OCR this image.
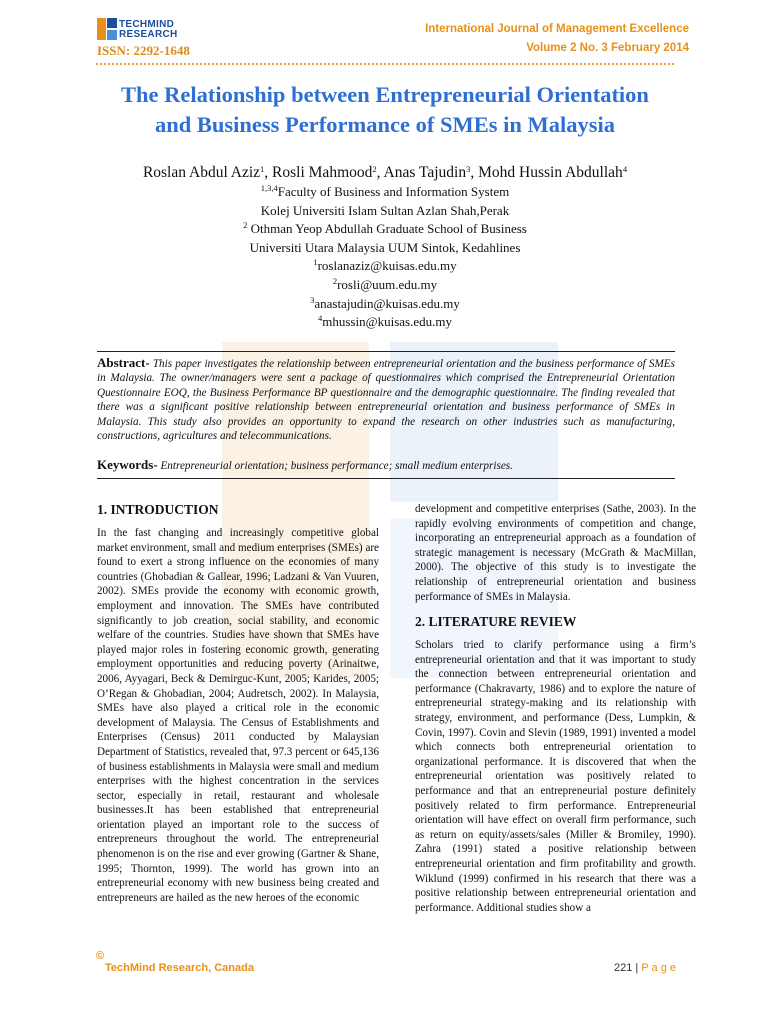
TECHMIND
RESEARCH
ISSN: 2292-1648
International Journal of Management Excellence
Volume 2 No. 3 February 2014
The Relationship between Entrepreneurial Orientation
and Business Performance of SMEs in Malaysia
Roslan Abdul Aziz$^1$, Rosli Mahmood$^2$, Anas Tajudin$^3$, Mohd Hussin Abdullah$^4$
$^{1,3,4}$Faculty of Business and Information System
Kolej Universiti Islam Sultan Azlan Shah,Perak
$^2$ Othman Yeop Abdullah Graduate School of Business
Universiti Utara Malaysia UUM Sintok, Kedahlines
$^1$roslanaziz@kuisas.edu.my
$^2$rosli@uum.edu.my
$^3$anastajudin@kuisas.edu.my
$^4$mhussin@kuisas.edu.my
Abstract- This paper investigates the relationship between entrepreneurial orientation and the business performance of SMEs in Malaysia. The owner/managers were sent a package of questionnaires which comprised the Entrepreneurial Orientation Questionnaire EOQ, the Business Performance BP questionnaire and the demographic questionnaire. The finding revealed that there was a significant positive relationship between entrepreneurial orientation and business performance of SMEs in Malaysia. This study also provides an opportunity to expand the research on other industries such as manufacturing, constructions, agricultures and telecommunications.
Keywords- Entrepreneurial orientation; business performance; small medium enterprises.
1. INTRODUCTION

In the fast changing and increasingly competitive global market environment, small and medium enterprises (SMEs) are found to exert a strong influence on the economies of many countries (Ghobadian & Gallear, 1996; Ladzani & Van Vuuren, 2002). SMEs provide the economy with economic growth, employment and innovation. The SMEs have contributed significantly to job creation, social stability, and economic welfare of the countries. Studies have shown that SMEs have played major roles in fostering economic growth, generating employment opportunities and reducing poverty (Arinaitwe, 2006, Ayyagari, Beck & Demirguc-Kunt, 2005; Karides, 2005; O’Regan & Ghobadian, 2004; Audretsch, 2002). In Malaysia, SMEs have also played a critical role in the economic development of Malaysia. The Census of Establishments and Enterprises (Census) 2011 conducted by Malaysian Department of Statistics, revealed that, 97.3 percent or 645,136 of business establishments in Malaysia were small and medium enterprises with the highest concentration in the services sector, especially in retail, restaurant and wholesale businesses.It has been established that entrepreneurial orientation played an important role to the success of entrepreneurs throughout the world. The entrepreneurial phenomenon is on the rise and ever growing (Gartner & Shane, 1995; Thornton, 1999). The world has grown into an entrepreneurial economy with new business being created and entrepreneurs are hailed as the new heroes of the economic

development and competitive enterprises (Sathe, 2003). In the rapidly evolving environments of competition and change, incorporating an entrepreneurial approach as a foundation of strategic management is necessary (McGrath & MacMillan, 2000). The objective of this study is to investigate the relationship of entrepreneurial orientation and business performance of SMEs in Malaysia.

2. LITERATURE REVIEW

Scholars tried to clarify performance using a firm’s entrepreneurial orientation and that it was important to study the connection between entrepreneurial orientation and performance (Chakravarty, 1986) and to explore the nature of entrepreneurial strategy-making and its relationship with strategy, environment, and performance (Dess, Lumpkin, & Covin, 1997). Covin and Slevin (1989, 1991) invented a model which connects both entrepreneurial orientation to organizational performance. It is discovered that when the entrepreneurial orientation was positively related to performance and that an entrepreneurial posture definitely positively related to firm performance. Entrepreneurial orientation will have effect on overall firm performance, such as return on equity/assets/sales (Miller & Bromiley, 1990). Zahra (1991) stated a positive relationship between entrepreneurial orientation and firm profitability and growth. Wiklund (1999) confirmed in his research that there was a positive relationship between entrepreneurial orientation and performance. Additional studies show a

©
TechMind Research, Canada	221 | P a g e
